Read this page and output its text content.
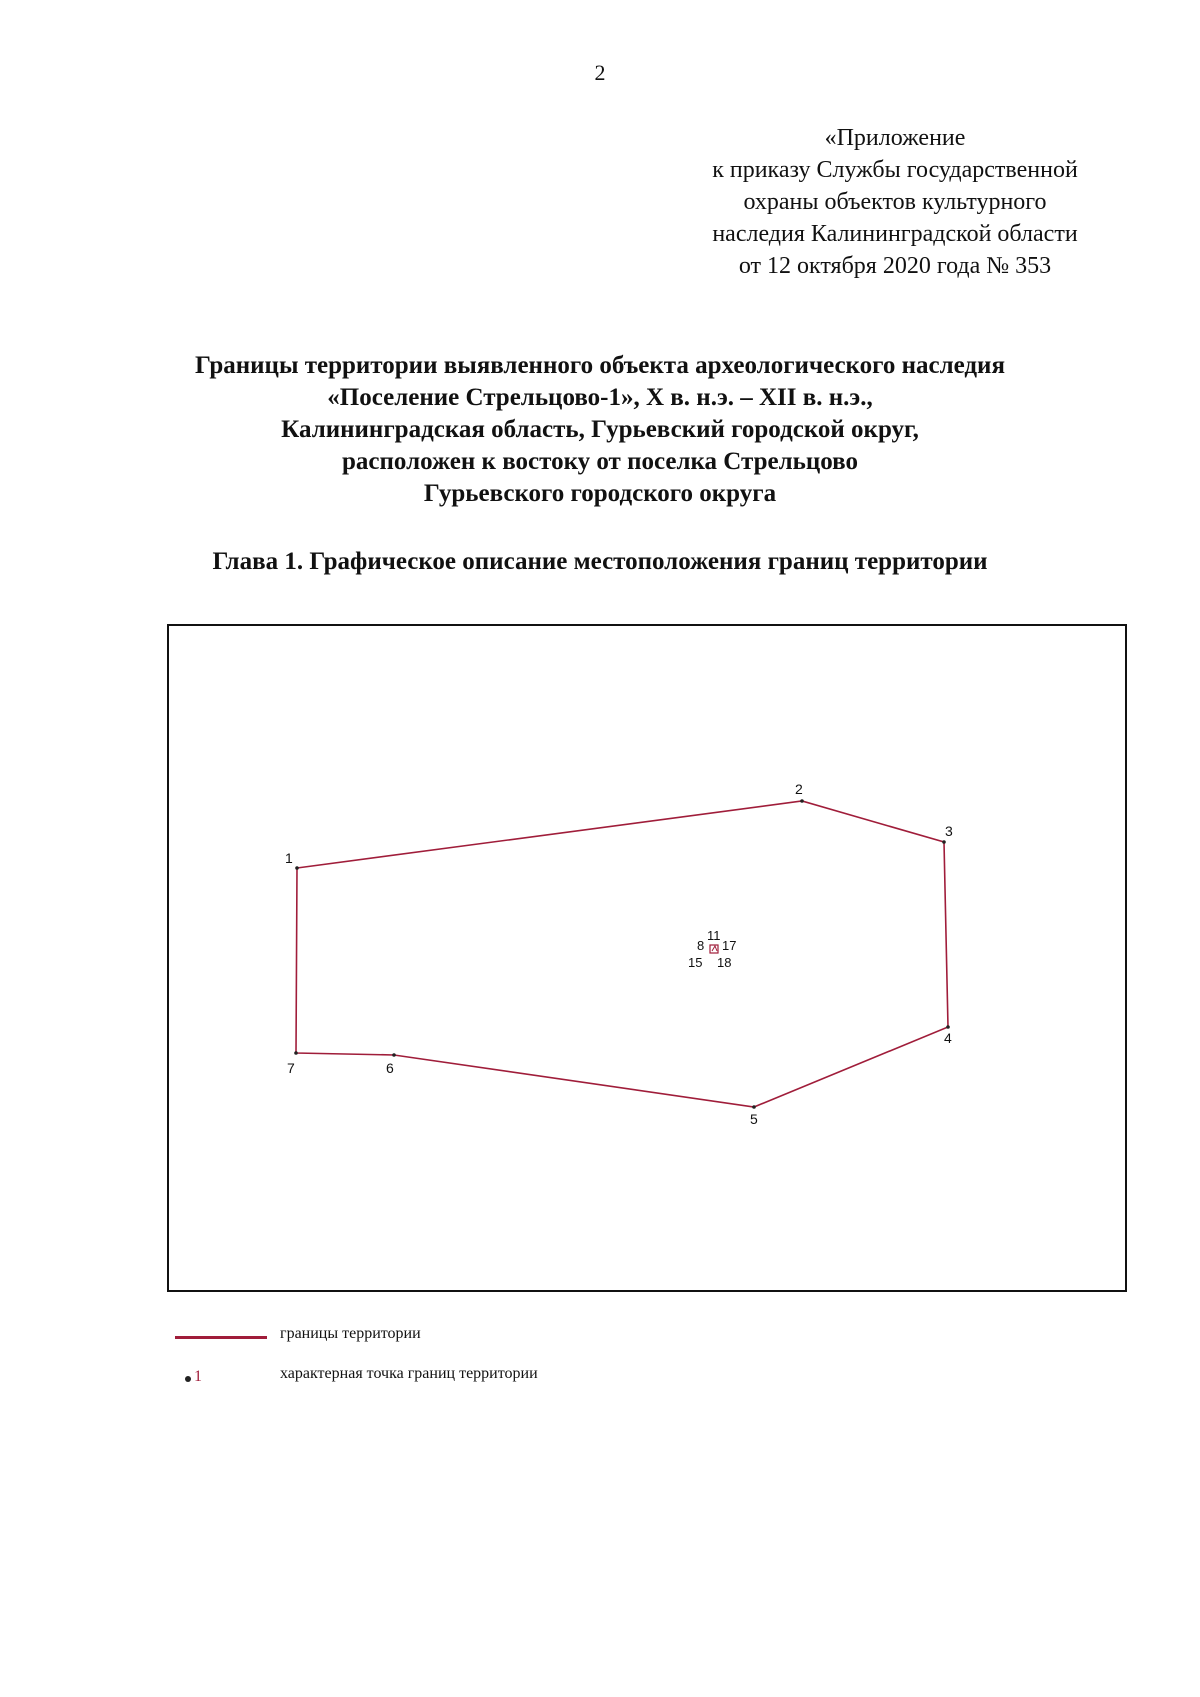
2
«Приложение
к приказу Службы государственной
охраны объектов культурного
наследия Калининградской области
от 12 октября 2020 года № 353
Границы территории выявленного объекта археологического наследия
«Поселение Стрельцово-1», X в. н.э. – XII в. н.э.,
Калининградская область, Гурьевский городской округ,
расположен к востоку от поселка Стрельцово
Гурьевского городского округа
Глава 1. Графическое описание местоположения границ территории
1
2
3
4
5
6
7
8
11
17
15 18
границы территории
1	характерная точка границ территории
